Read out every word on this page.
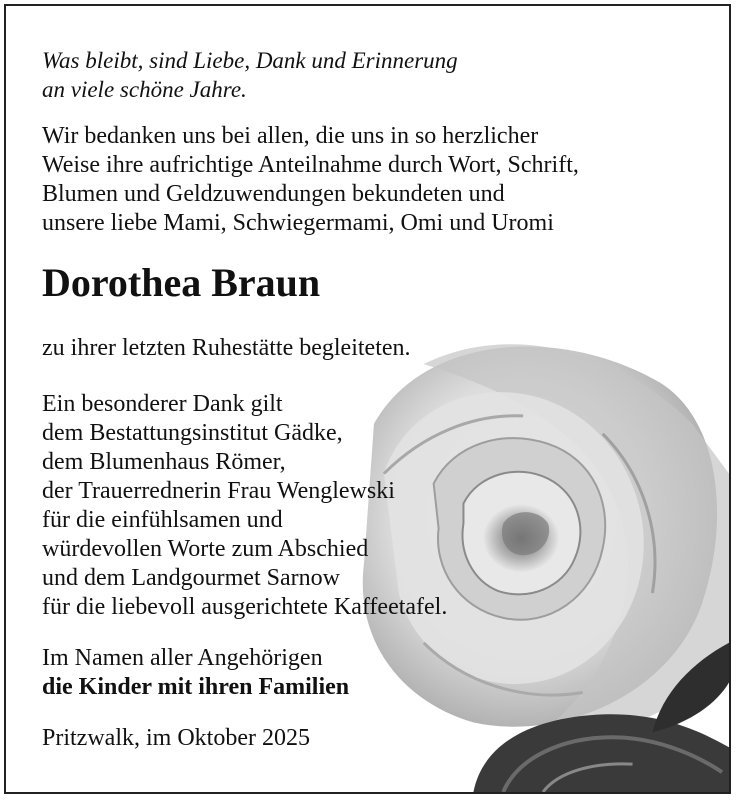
Was bleibt, sind Liebe, Dank und Erinnerung
an viele schöne Jahre.

Wir bedanken uns bei allen, die uns in so herzlicher
Weise ihre aufrichtige Anteilnahme durch Wort, Schrift,
Blumen und Geldzuwendungen bekundeten und
unsere liebe Mami, Schwiegermami, Omi und Uromi

Dorothea Braun

zu ihrer letzten Ruhestätte begleiteten.

Ein besonderer Dank gilt
dem Bestattungsinstitut Gädke,
dem Blumenhaus Römer,
der Trauerrednerin Frau Wenglewski
für die einfühlsamen und
würdevollen Worte zum Abschied
und dem Landgourmet Sarnow
für die liebevoll ausgerichtete Kaffeetafel.

Im Namen aller Angehörigen
die Kinder mit ihren Familien

Pritzwalk, im Oktober 2025
